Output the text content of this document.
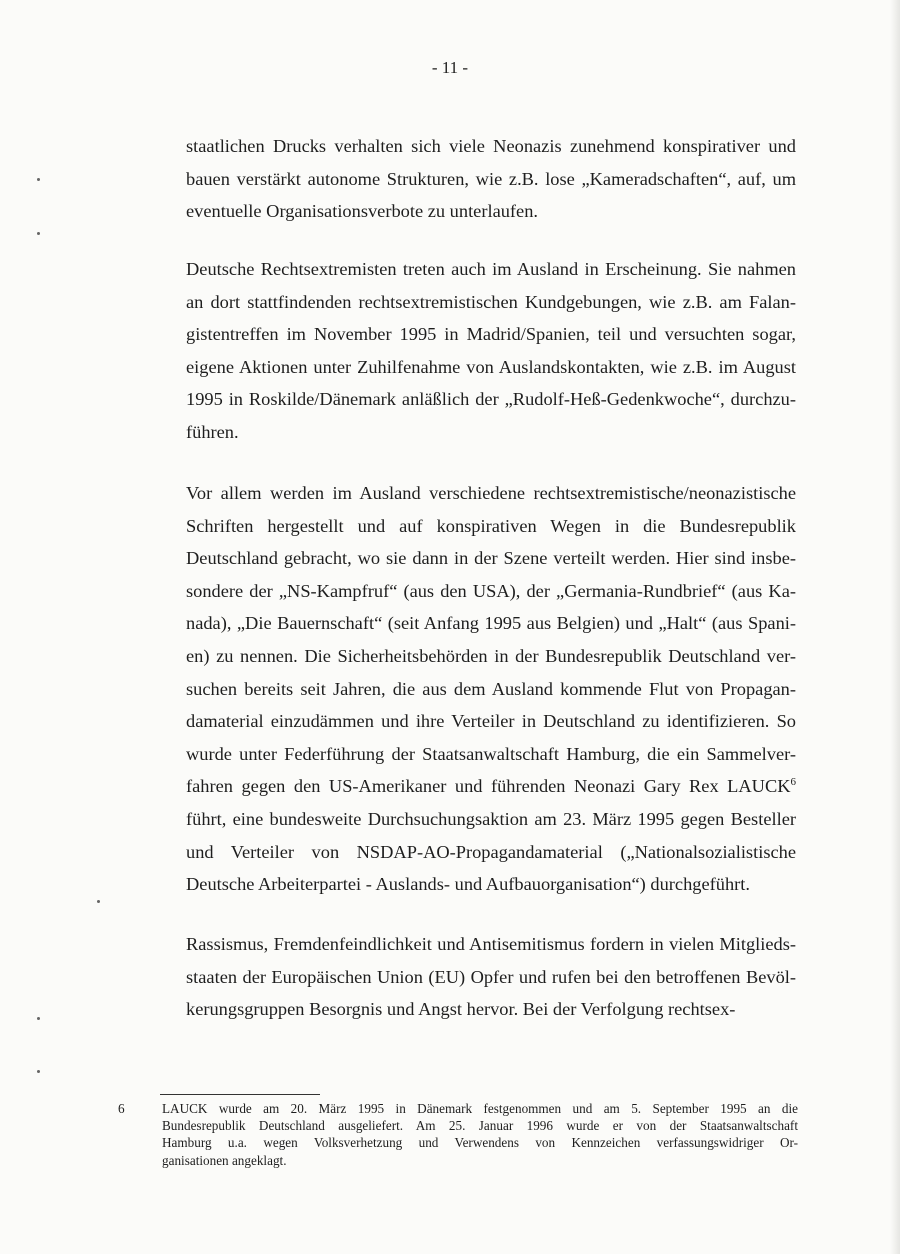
- 11 -
staatlichen Drucks verhalten sich viele Neonazis zunehmend konspirativer und
bauen verstärkt autonome Strukturen, wie z.B. lose „Kameradschaften“, auf, um
eventuelle Organisationsverbote zu unterlaufen.
Deutsche Rechtsextremisten treten auch im Ausland in Erscheinung. Sie nahmen
an dort stattfindenden rechtsextremistischen Kundgebungen, wie z.B. am Falan-
gistentreffen im November 1995 in Madrid/Spanien, teil und versuchten sogar,
eigene Aktionen unter Zuhilfenahme von Auslandskontakten, wie z.B. im August
1995 in Roskilde/Dänemark anläßlich der „Rudolf-Heß-Gedenkwoche“, durchzu-
führen.
Vor allem werden im Ausland verschiedene rechtsextremistische/neonazistische
Schriften hergestellt und auf konspirativen Wegen in die Bundesrepublik
Deutschland gebracht, wo sie dann in der Szene verteilt werden. Hier sind insbe-
sondere der „NS-Kampfruf“ (aus den USA), der „Germania-Rundbrief“ (aus Ka-
nada), „Die Bauernschaft“ (seit Anfang 1995 aus Belgien) und „Halt“ (aus Spani-
en) zu nennen. Die Sicherheitsbehörden in der Bundesrepublik Deutschland ver-
suchen bereits seit Jahren, die aus dem Ausland kommende Flut von Propagan-
damaterial einzudämmen und ihre Verteiler in Deutschland zu identifizieren. So
wurde unter Federführung der Staatsanwaltschaft Hamburg, die ein Sammelver-
fahren gegen den US-Amerikaner und führenden Neonazi Gary Rex LAUCK$^6$
führt, eine bundesweite Durchsuchungsaktion am 23. März 1995 gegen Besteller
und Verteiler von NSDAP-AO-Propagandamaterial („Nationalsozialistische
Deutsche Arbeiterpartei - Auslands- und Aufbauorganisation“) durchgeführt.
Rassismus, Fremdenfeindlichkeit und Antisemitismus fordern in vielen Mitglieds-
staaten der Europäischen Union (EU) Opfer und rufen bei den betroffenen Bevöl-
kerungsgruppen Besorgnis und Angst hervor. Bei der Verfolgung rechtsex-
6	LAUCK wurde am 20. März 1995 in Dänemark festgenommen und am 5. September 1995 an die
Bundesrepublik Deutschland ausgeliefert. Am 25. Januar 1996 wurde er von der Staatsanwaltschaft
Hamburg u.a. wegen Volksverhetzung und Verwendens von Kennzeichen verfassungswidriger Or-
ganisationen angeklagt.
